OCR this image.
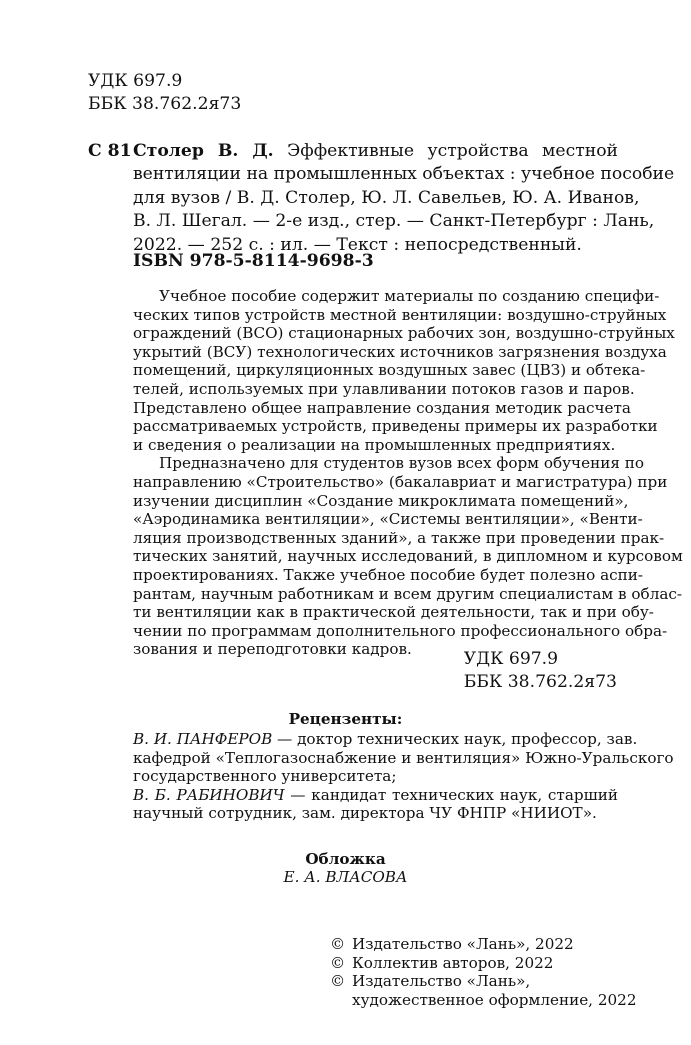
УДК 697.9
ББК 38.762.2я73
С 81 Столер В. Д. Эффективные устройства местной
вентиляции на промышленных объектах : учебное пособие
для вузов / В. Д. Столер, Ю. Л. Савельев, Ю. А. Иванов,
В. Л. Шегал. — 2-е изд., стер. — Санкт-Петербург : Лань,
2022. — 252 с. : ил. — Текст : непосредственный.
ISBN 978-5-8114-9698-3
Учебное пособие содержит материалы по созданию специфи-
ческих типов устройств местной вентиляции: воздушно-струйных
ограждений (ВСО) стационарных рабочих зон, воздушно-струйных
укрытий (ВСУ) технологических источников загрязнения воздуха
помещений, циркуляционных воздушных завес (ЦВЗ) и обтека-
телей, используемых при улавливании потоков газов и паров.
Представлено общее направление создания методик расчета
рассматриваемых устройств, приведены примеры их разработки
и сведения о реализации на промышленных предприятиях.
Предназначено для студентов вузов всех форм обучения по
направлению «Строительство» (бакалавриат и магистратура) при
изучении дисциплин «Создание микроклимата помещений»,
«Аэродинамика вентиляции», «Системы вентиляции», «Венти-
ляция производственных зданий», а также при проведении прак-
тических занятий, научных исследований, в дипломном и курсовом
проектированиях. Также учебное пособие будет полезно аспи-
рантам, научным работникам и всем другим специалистам в облас-
ти вентиляции как в практической деятельности, так и при обу-
чении по программам дополнительного профессионального обра-
зования и переподготовки кадров.	УДК 697.9
ББК 38.762.2я73
Рецензенты:
В. И. ПАНФЕРОВ — доктор технических наук, профессор, зав.
кафедрой «Теплогазоснабжение и вентиляция» Южно-Уральского
государственного университета;
В. Б. РАБИНОВИЧ — кандидат технических наук, старший
научный сотрудник, зам. директора ЧУ ФНПР «НИИОТ».
Обложка
Е. А. ВЛАСОВА
© Издательство «Лань», 2022
© Коллектив авторов, 2022
© Издательство «Лань»,
художественное оформление, 2022
